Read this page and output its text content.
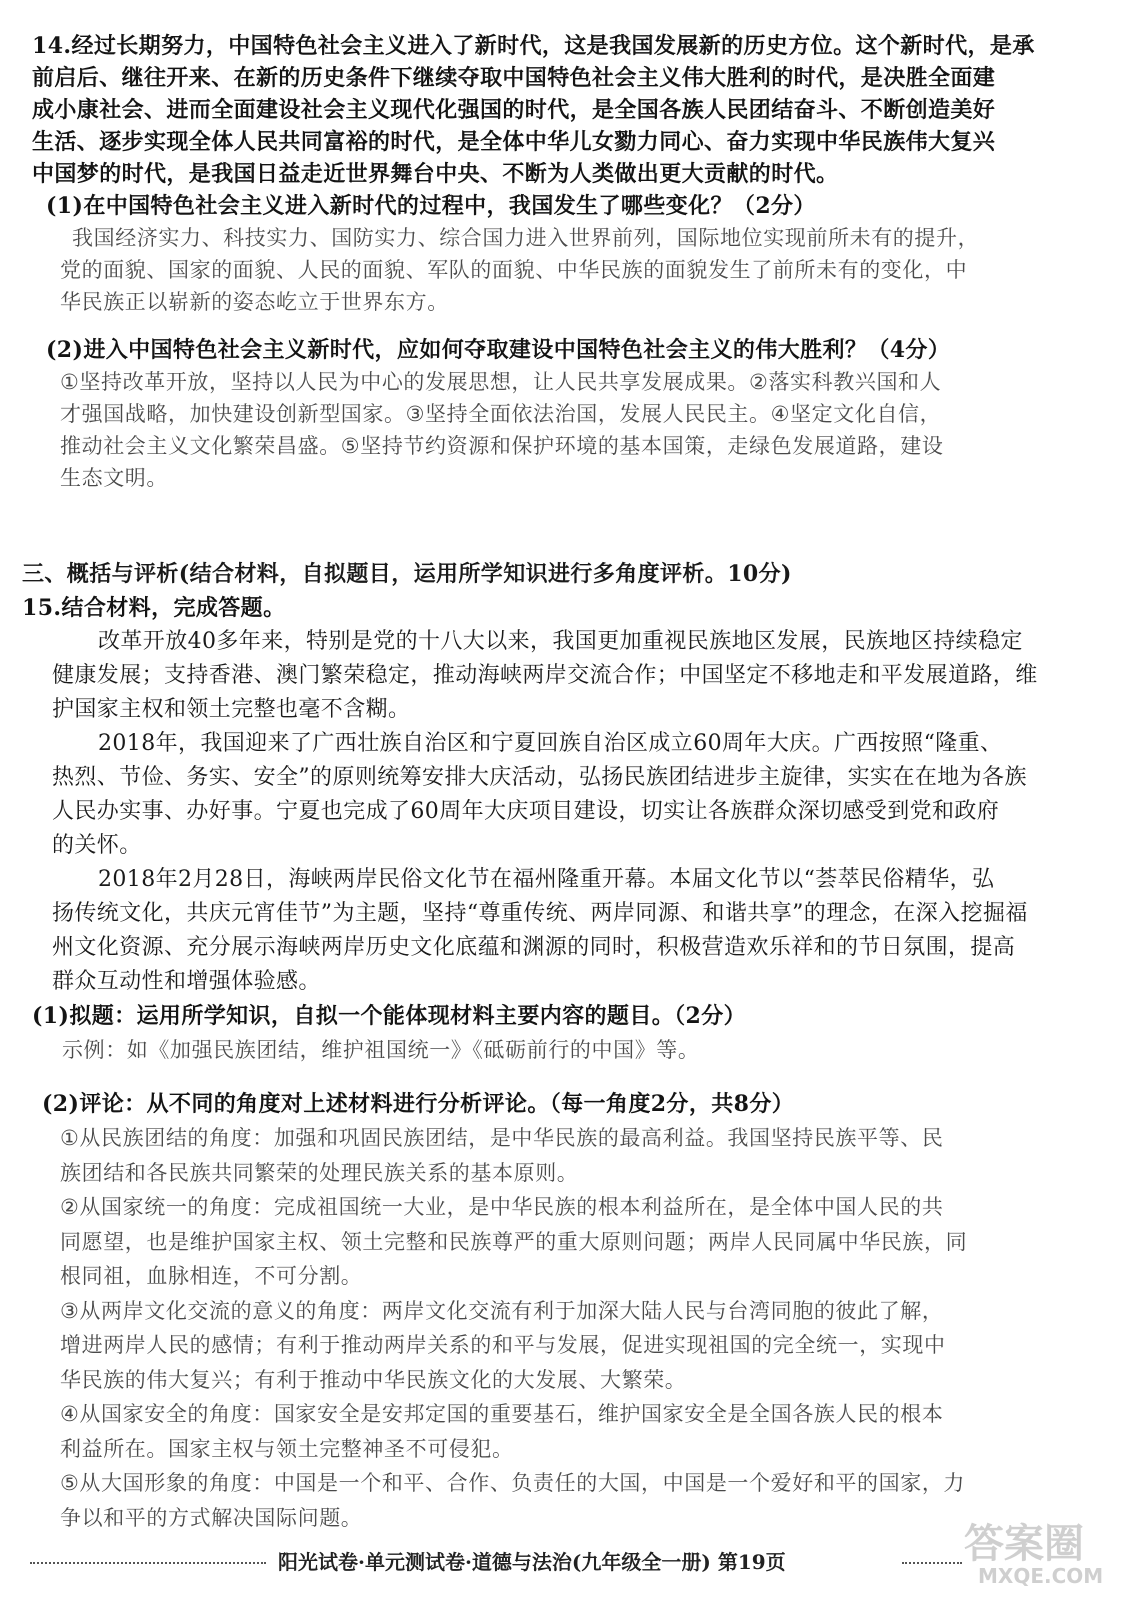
14.经过长期努力，中国特色社会主义进入了新时代，这是我国发展新的历史方位。这个新时代，是承
前启后、继往开来、在新的历史条件下继续夺取中国特色社会主义伟大胜利的时代，是决胜全面建
成小康社会、进而全面建设社会主义现代化强国的时代，是全国各族人民团结奋斗、不断创造美好
生活、逐步实现全体人民共同富裕的时代，是全体中华儿女勠力同心、奋力实现中华民族伟大复兴
中国梦的时代，是我国日益走近世界舞台中央、不断为人类做出更大贡献的时代。
(1)在中国特色社会主义进入新时代的过程中，我国发生了哪些变化？（2分）
我国经济实力、科技实力、国防实力、综合国力进入世界前列，国际地位实现前所未有的提升，
党的面貌、国家的面貌、人民的面貌、军队的面貌、中华民族的面貌发生了前所未有的变化，中
华民族正以崭新的姿态屹立于世界东方。
(2)进入中国特色社会主义新时代，应如何夺取建设中国特色社会主义的伟大胜利？（4分）
①坚持改革开放，坚持以人民为中心的发展思想，让人民共享发展成果。②落实科教兴国和人
才强国战略，加快建设创新型国家。③坚持全面依法治国，发展人民民主。④坚定文化自信，
推动社会主义文化繁荣昌盛。⑤坚持节约资源和保护环境的基本国策，走绿色发展道路，建设
生态文明。
三、概括与评析(结合材料，自拟题目，运用所学知识进行多角度评析。10分)
15.结合材料，完成答题。
改革开放40多年来，特别是党的十八大以来，我国更加重视民族地区发展，民族地区持续稳定
健康发展；支持香港、澳门繁荣稳定，推动海峡两岸交流合作；中国坚定不移地走和平发展道路，维
护国家主权和领土完整也毫不含糊。
2018年，我国迎来了广西壮族自治区和宁夏回族自治区成立60周年大庆。广西按照“隆重、
热烈、节俭、务实、安全”的原则统筹安排大庆活动，弘扬民族团结进步主旋律，实实在在地为各族
人民办实事、办好事。宁夏也完成了60周年大庆项目建设，切实让各族群众深切感受到党和政府
的关怀。
2018年2月28日，海峡两岸民俗文化节在福州隆重开幕。本届文化节以“荟萃民俗精华，弘
扬传统文化，共庆元宵佳节”为主题，坚持“尊重传统、两岸同源、和谐共享”的理念，在深入挖掘福
州文化资源、充分展示海峡两岸历史文化底蕴和渊源的同时，积极营造欢乐祥和的节日氛围，提高
群众互动性和增强体验感。
(1)拟题：运用所学知识，自拟一个能体现材料主要内容的题目。（2分）
示例：如《加强民族团结，维护祖国统一》《砥砺前行的中国》等。
(2)评论：从不同的角度对上述材料进行分析评论。（每一角度2分，共8分）
①从民族团结的角度：加强和巩固民族团结，是中华民族的最高利益。我国坚持民族平等、民
族团结和各民族共同繁荣的处理民族关系的基本原则。
②从国家统一的角度：完成祖国统一大业，是中华民族的根本利益所在，是全体中国人民的共
同愿望，也是维护国家主权、领土完整和民族尊严的重大原则问题；两岸人民同属中华民族，同
根同祖，血脉相连，不可分割。
③从两岸文化交流的意义的角度：两岸文化交流有利于加深大陆人民与台湾同胞的彼此了解，
增进两岸人民的感情；有利于推动两岸关系的和平与发展，促进实现祖国的完全统一，实现中
华民族的伟大复兴；有利于推动中华民族文化的大发展、大繁荣。
④从国家安全的角度：国家安全是安邦定国的重要基石，维护国家安全是全国各族人民的根本
利益所在。国家主权与领土完整神圣不可侵犯。
⑤从大国形象的角度：中国是一个和平、合作、负责任的大国，中国是一个爱好和平的国家，力
争以和平的方式解决国际问题。
阳光试卷·单元测试卷·道德与法治(九年级全一册) 第19页	答案圈
MXQE.COM
